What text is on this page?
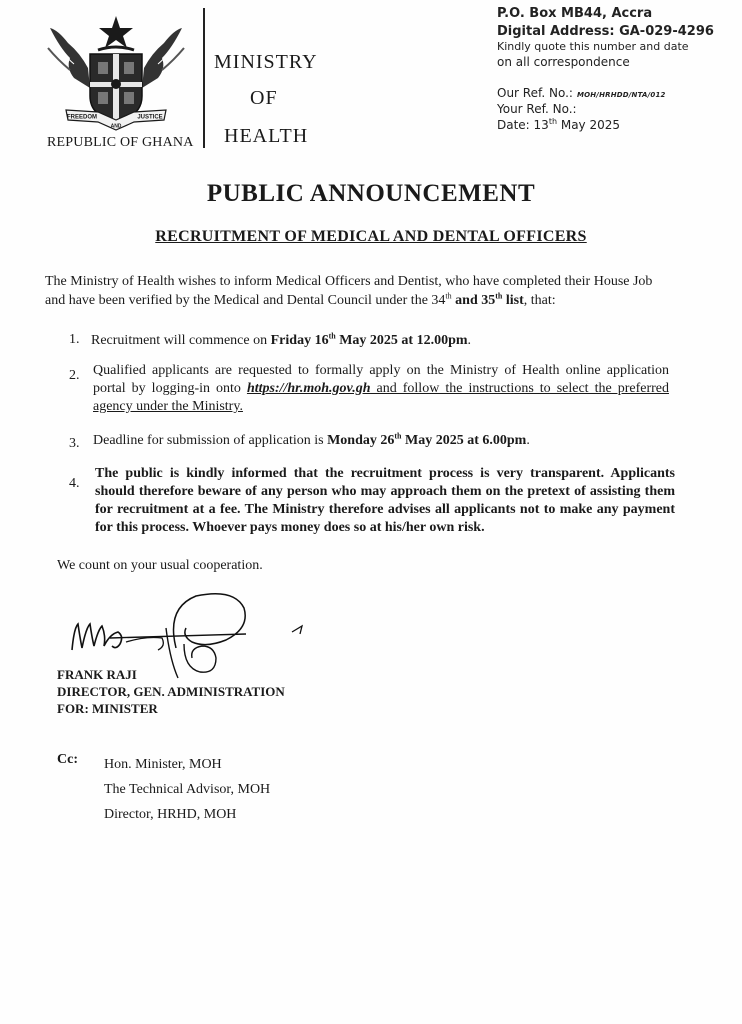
FREEDOM
AND
JUSTICE
REPUBLIC OF GHANA
MINISTRY
OF
HEALTH
P.O. Box MB44, Accra
Digital Address: GA-029-4296
Kindly quote this number and date
on all correspondence
Our Ref. No.: MOH/HRHDD/NTA/012
Your Ref. No.:
Date: 13th May 2025
PUBLIC ANNOUNCEMENT
RECRUITMENT OF MEDICAL AND DENTAL OFFICERS
The Ministry of Health wishes to inform Medical Officers and Dentist, who have completed their House Job and have been verified by the Medical and Dental Council under the 34th and 35th list, that:
1. Recruitment will commence on Friday 16th May 2025 at 12.00pm.
2. Qualified applicants are requested to formally apply on the Ministry of Health online application portal by logging-in onto https://hr.moh.gov.gh and follow the instructions to select the preferred agency under the Ministry.
3. Deadline for submission of application is Monday 26th May 2025 at 6.00pm.
4.
The public is kindly informed that the recruitment process is very transparent. Applicants should therefore beware of any person who may approach them on the pretext of assisting them for recruitment at a fee. The Ministry therefore advises all applicants not to make any payment for this process. Whoever pays money does so at his/her own risk.
We count on your usual cooperation.
FRANK RAJI
DIRECTOR, GEN. ADMINISTRATION
FOR: MINISTER
Cc: Hon. Minister, MOH
The Technical Advisor, MOH
Director, HRHD, MOH
